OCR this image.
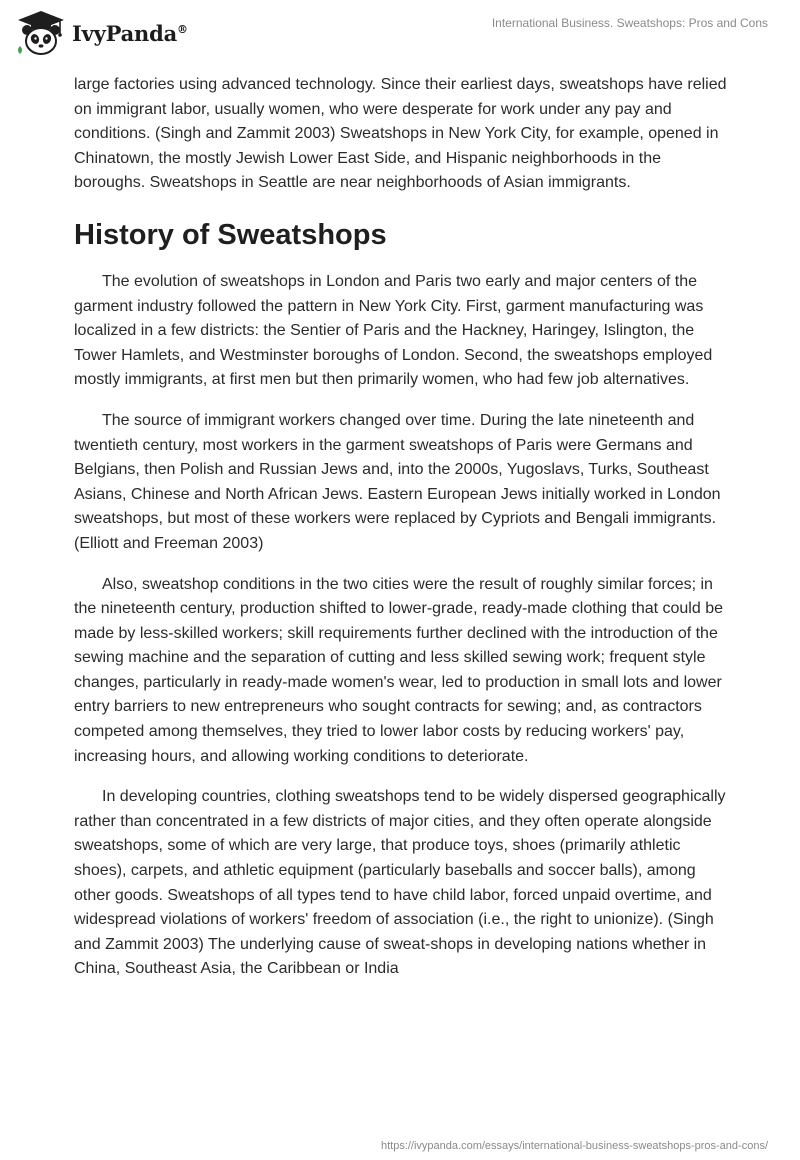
IvyPanda®	International Business. Sweatshops: Pros and Cons

large factories using advanced technology. Since their earliest days, sweatshops have relied on immigrant labor, usually women, who were desperate for work under any pay and conditions. (Singh and Zammit 2003) Sweatshops in New York City, for example, opened in Chinatown, the mostly Jewish Lower East Side, and Hispanic neighborhoods in the boroughs. Sweatshops in Seattle are near neighborhoods of Asian immigrants.

History of Sweatshops

The evolution of sweatshops in London and Paris two early and major centers of the garment industry followed the pattern in New York City. First, garment manufacturing was localized in a few districts: the Sentier of Paris and the Hackney, Haringey, Islington, the Tower Hamlets, and Westminster boroughs of London. Second, the sweatshops employed mostly immigrants, at first men but then primarily women, who had few job alternatives.

The source of immigrant workers changed over time. During the late nineteenth and twentieth century, most workers in the garment sweatshops of Paris were Germans and Belgians, then Polish and Russian Jews and, into the 2000s, Yugoslavs, Turks, Southeast Asians, Chinese and North African Jews. Eastern European Jews initially worked in London sweatshops, but most of these workers were replaced by Cypriots and Bengali immigrants. (Elliott and Freeman 2003)

Also, sweatshop conditions in the two cities were the result of roughly similar forces; in the nineteenth century, production shifted to lower-grade, ready-made clothing that could be made by less-skilled workers; skill requirements further declined with the introduction of the sewing machine and the separation of cutting and less skilled sewing work; frequent style changes, particularly in ready-made women's wear, led to production in small lots and lower entry barriers to new entrepreneurs who sought contracts for sewing; and, as contractors competed among themselves, they tried to lower labor costs by reducing workers' pay, increasing hours, and allowing working conditions to deteriorate.

In developing countries, clothing sweatshops tend to be widely dispersed geographically rather than concentrated in a few districts of major cities, and they often operate alongside sweatshops, some of which are very large, that produce toys, shoes (primarily athletic shoes), carpets, and athletic equipment (particularly baseballs and soccer balls), among other goods. Sweatshops of all types tend to have child labor, forced unpaid overtime, and widespread violations of workers' freedom of association (i.e., the right to unionize). (Singh and Zammit 2003) The underlying cause of sweat-shops in developing nations whether in China, Southeast Asia, the Caribbean or India

https://ivypanda.com/essays/international-business-sweatshops-pros-and-cons/
